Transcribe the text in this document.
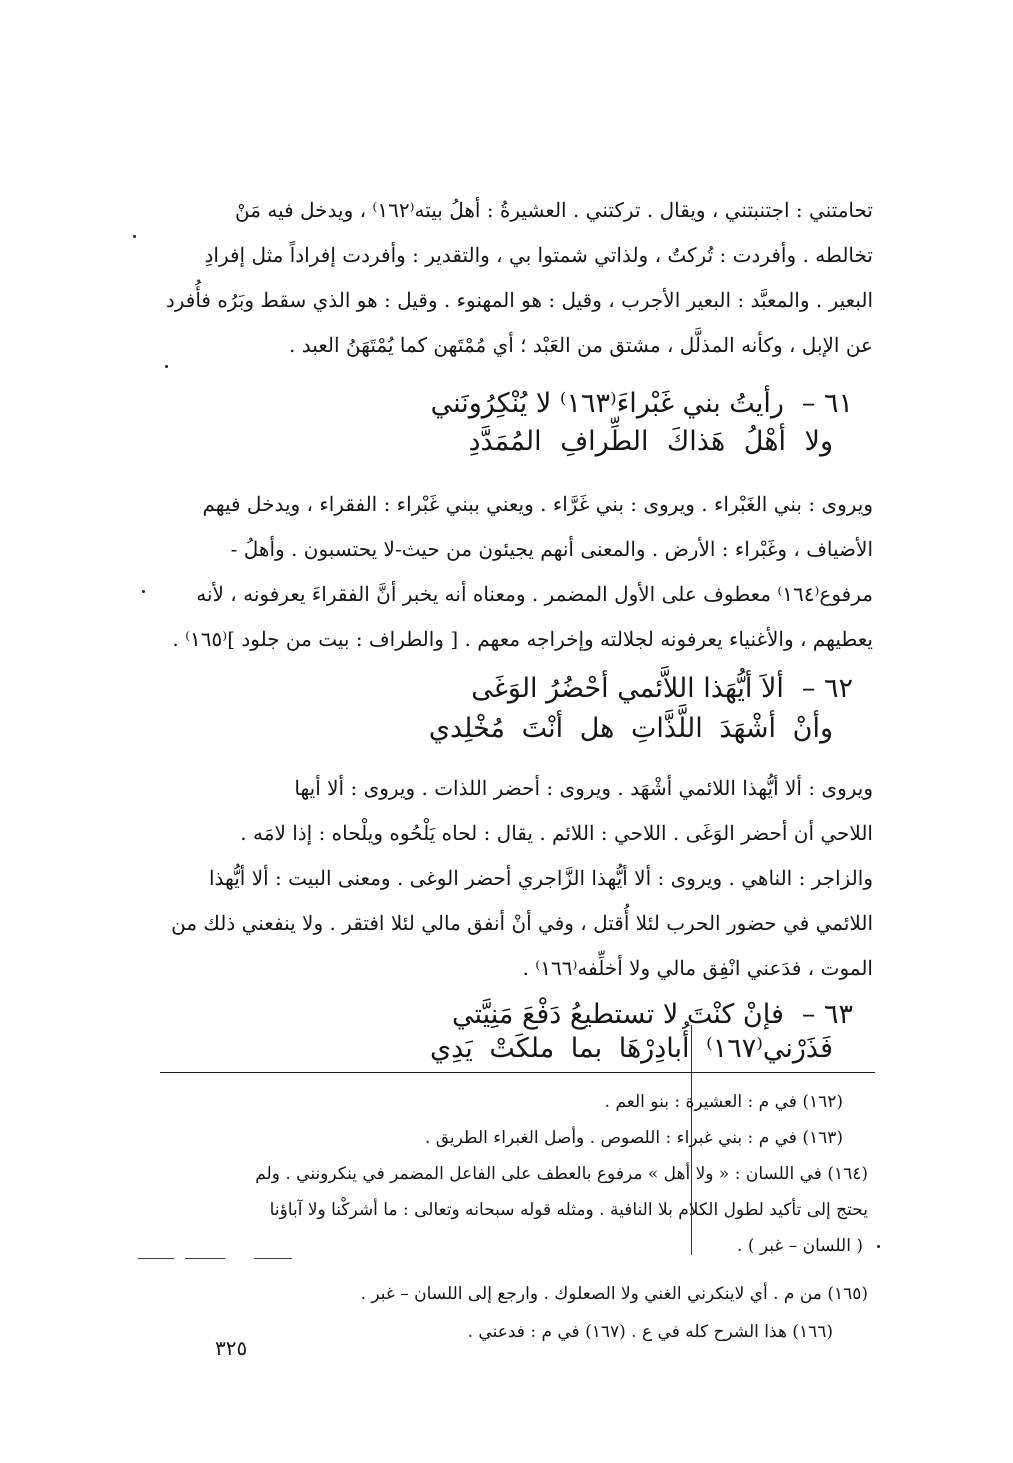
تحامتني : اجتنبتني ، ويقال . تركتني . العشيرةُ : أهلُ بيته⁽١٦٢⁾ ، ويدخل فيه مَنْ
تخالطه . وأفردت : تُركتُ ، ولذاتي شمتوا بي ، والتقدير : وأفردت إفراداً مثل إفرادِ
البعير . والمعبَّد : البعير الأجرب ، وقيل : هو المهنوء . وقيل : هو الذي سقط وبَرُه فأُفرد
عن الإبل ، وكأنه المذلَّل ، مشتق من العَبْد ؛ أي مُمْتَهن كما يُمْتَهَنُ العبد .
٦١ –رأيتُ بني غَبْراءَ⁽١٦٣⁾ لا يُنْكِرُونَني
ولا أهْلُ هَذاكَ الطِّرافِ المُمَدَّدِ
ويروى : بني الغَبْراء . ويروى : بني غَرَّاء . ويعني ببني غَبْراء : الفقراء ، ويدخل فيهم
الأضياف ، وغَبْراء : الأرض . والمعنى أنهم يجيئون من حيث-لا يحتسبون . وأهلُ -
مرفوع⁽١٦٤⁾ معطوف على الأول المضمر . ومعناه أنه يخبر أنَّ الفقراءَ يعرفونه ، لأنه
يعطيهم ، والأغنياء يعرفونه لجلالته وإخراجه معهم . [ والطراف : بيت من جلود ]⁽١٦٥⁾ .
٦٢ –ألاَ أيُّهَذا اللاَّئمي أحْضُرُ الوَغَى
وأنْ أشْهَدَ اللَّذَّاتِ هل أنْتَ مُخْلِدي
ويروى : ألا أيُّهذا اللائمي أشْهَد . ويروى : أحضر اللذات . ويروى : ألا أيها
اللاحي أن أحضر الوَغَى . اللاحي : اللائم . يقال : لحاه يَلْحُوه ويلْحاه : إذا لامَه .
والزاجر : الناهي . ويروى : ألا أيُّهذا الزَّاجري أحضر الوغى . ومعنى البيت : ألا أيُّهذا
اللائمي في حضور الحرب لئلا أُقتل ، وفي أنْ أنفق مالي لئلا افتقر . ولا ينفعني ذلك من
الموت ، فدَعني انْفِق مالي ولا أخلِّفه⁽١٦٦⁾ .
٦٣ –فإنْ كنْتَ لا تستطيعُ دَفْعَ مَنِيَّتي
فَذَرْني⁽١٦٧⁾ أُبادِرْهَا بما ملكَتْ يَدِي
(١٦٢) في م : العشيرة : بنو العم .
(١٦٣) في م : بني غبراء : اللصوص . وأصل الغبراء الطريق .
(١٦٤) في اللسان : « ولا أهل » مرفوع بالعطف على الفاعل المضمر في ينكرونني . ولم
يحتج إلى تأكيد لطول الكلام بلا النافية . ومثله قوله سبحانه وتعالى : ما أشركْنا ولا آباؤنا
( اللسان – غبر ) .
(١٦٥) من م . أي لاينكرني الغني ولا الصعلوك . وارجع إلى اللسان – غبر .
(١٦٦) هذا الشرح كله في ع . (١٦٧) في م : فدعني .
٣٢٥
